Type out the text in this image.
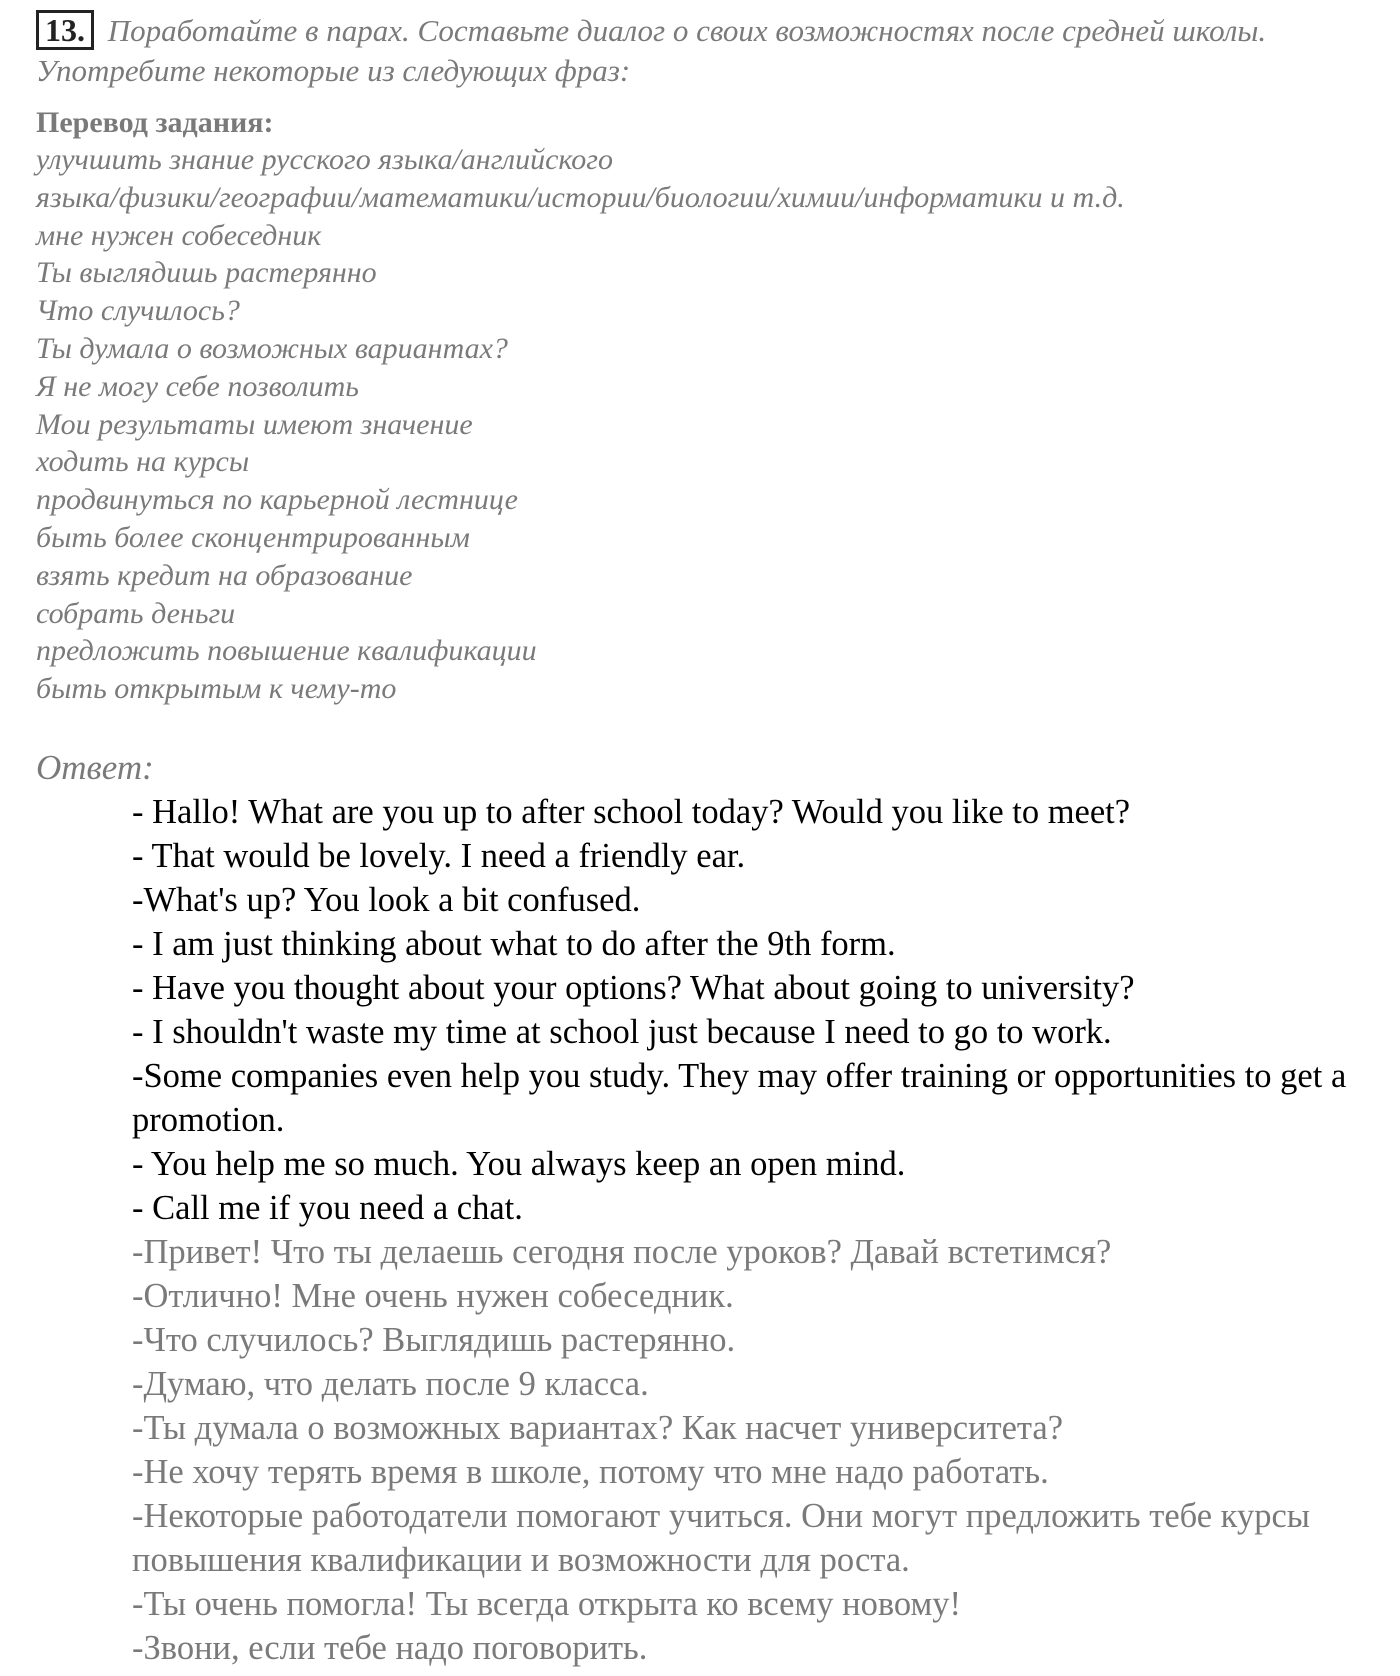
13. Поработайте в парах. Составьте диалог о своих возможностях после средней школы. Употребите некоторые из следующих фраз:
Перевод задания:
улучшить знание русского языка/английского
языка/физики/географии/математики/истории/биологии/химии/информатики и т.д.
мне нужен собеседник
Ты выглядишь растерянно
Что случилось?
Ты думала о возможных вариантах?
Я не могу себе позволить
Мои результаты имеют значение
ходить на курсы
продвинуться по карьерной лестнице
быть более сконцентрированным
взять кредит на образование
собрать деньги
предложить повышение квалификации
быть открытым к чему-то
Ответ:
- Hallo! What are you up to after school today? Would you like to meet?
- That would be lovely. I need a friendly ear.
-What's up? You look a bit confused.
- I am just thinking about what to do after the 9th form.
- Have you thought about your options? What about going to university?
- I shouldn't waste my time at school just because I need to go to work.
-Some companies even help you study. They may offer training or opportunities to get a promotion.
- You help me so much. You always keep an open mind.
- Call me if you need a chat.
-Привет! Что ты делаешь сегодня после уроков? Давай встетимся?
-Отлично! Мне очень нужен собеседник.
-Что случилось? Выглядишь растерянно.
-Думаю, что делать после 9 класса.
-Ты думала о возможных вариантах? Как насчет университета?
-Не хочу терять время в школе, потому что мне надо работать.
-Некоторые работодатели помогают учиться. Они могут предложить тебе курсы повышения квалификации и возможности для роста.
-Ты очень помогла! Ты всегда открыта ко всему новому!
-Звони, если тебе надо поговорить.
